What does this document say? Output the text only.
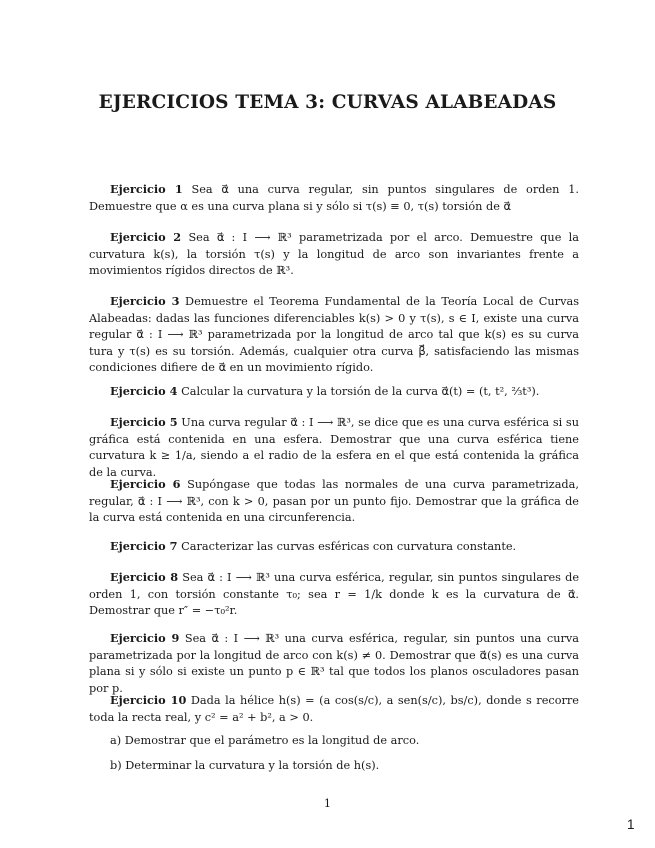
EJERCICIOS TEMA 3: CURVAS ALABEADAS

Ejercicio 1 Sea α⃗ una curva regular, sin puntos singulares de orden 1. Demuestre que α es una curva plana si y sólo si τ(s) ≡ 0, τ(s) torsión de α⃗

Ejercicio 2 Sea α⃗ : I ⟶ ℝ³ parametrizada por el arco. Demuestre que la curvatura k(s), la torsión τ(s) y la longitud de arco son invariantes frente a movimientos rígidos directos de ℝ³.

Ejercicio 3 Demuestre el Teorema Fundamental de la Teoría Local de Curvas Alabeadas: dadas las funciones diferenciables k(s) > 0 y τ(s), s ∈ I, existe una curva regular α⃗ : I ⟶ ℝ³ parametrizada por la longitud de arco tal que k(s) es su curva tura y τ(s) es su torsión. Además, cualquier otra curva β⃗, satisfaciendo las mismas condiciones difiere de α⃗ en un movimiento rígido.

Ejercicio 4 Calcular la curvatura y la torsión de la curva α⃗(t) = (t, t², ⅔t³).

Ejercicio 5 Una curva regular α⃗ : I ⟶ ℝ³, se dice que es una curva esférica si su gráfica está contenida en una esfera. Demostrar que una curva esférica tiene curvatura k ≥ 1/a, siendo a el radio de la esfera en el que está contenida la gráfica de la curva.

Ejercicio 6 Supóngase que todas las normales de una curva parametrizada, regular, α⃗ : I ⟶ ℝ³, con k > 0, pasan por un punto fijo. Demostrar que la gráfica de la curva está contenida en una circunferencia.

Ejercicio 7 Caracterizar las curvas esféricas con curvatura constante.

Ejercicio 8 Sea α⃗ : I ⟶ ℝ³ una curva esférica, regular, sin puntos singulares de orden 1, con torsión constante τ₀; sea r = 1/k donde k es la curvatura de α⃗. Demostrar que r″ = −τ₀²r.

Ejercicio 9 Sea α⃗ : I ⟶ ℝ³ una curva esférica, regular, sin puntos una curva parametrizada por la longitud de arco con k(s) ≠ 0. Demostrar que α⃗(s) es una curva plana si y sólo si existe un punto p ∈ ℝ³ tal que todos los planos osculadores pasan por p.

Ejercicio 10 Dada la hélice h(s) = (a cos(s/c), a sen(s/c), bs/c), donde s recorre toda la recta real, y c² = a² + b², a > 0.

a) Demostrar que el parámetro es la longitud de arco.

b) Determinar la curvatura y la torsión de h(s).

1

1
